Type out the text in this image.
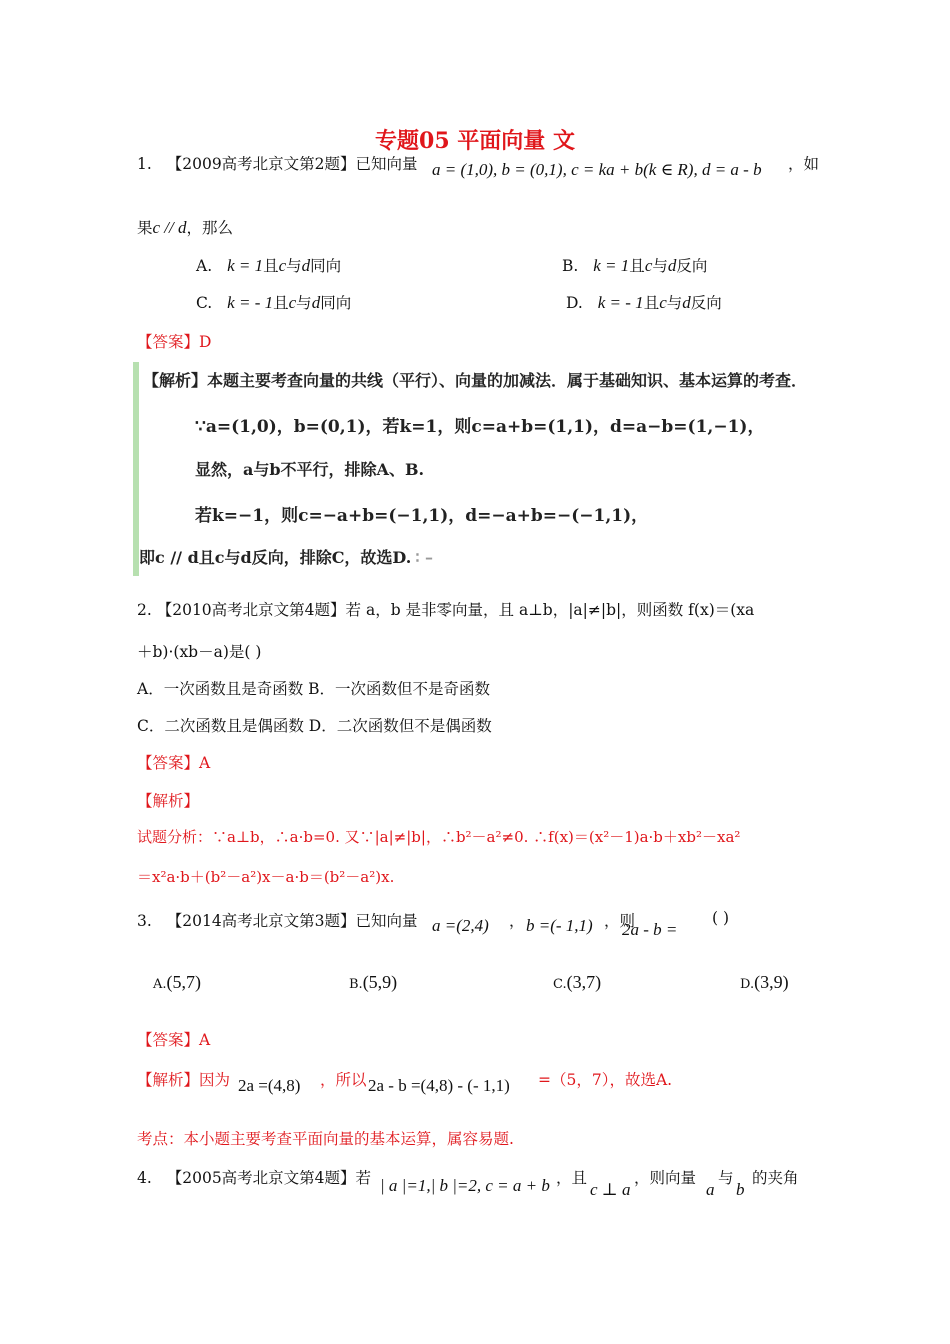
专题05 平面向量 文
1. 【2009高考北京文第2题】已知向量 a = (1,0), b = (0,1), c = ka + b(k ∈ R), d = a - b ，如
果c // d，那么
A. k = 1且c与d同向	B. k = 1且c与d反向
C. k = - 1且c与d同向	D. k = - 1且c与d反向
【答案】D
【解析】本题主要考查向量的共线（平行）、向量的加减法．属于基础知识、基本运算的考查．
∵a=(1,0)，b=(0,1)，若k=1，则c=a+b=(1,1)，d=a−b=(1,−1)，
显然，a与b不平行，排除A、B.
若k=−1，则c=−a+b=(−1,1)，d=−a+b=−(−1,1)，
即c // d且c与d反向，排除C，故选D. ∶ –
2. 【2010高考北京文第4题】若 a，b 是非零向量，且 a⊥b，|a|≠|b|，则函数 f(x)＝(xa
＋b)·(xb－a)是( )
A．一次函数且是奇函数 B．一次函数但不是奇函数
C．二次函数且是偶函数 D．二次函数但不是偶函数
【答案】A
【解析】
试题分析：∵a⊥b，∴a·b=0. 又∵|a|≠|b|，∴b²－a²≠0. ∴f(x)＝(x²－1)a·b＋xb²－xa²
＝x²a·b＋(b²－a²)x－a·b＝(b²－a²)x.
3. 【2014高考北京文第3题】已知向量 a =(2,4) ， b =(- 1,1) ，则
2a - b =
( )
A.(5,7)	B.(5,9)	C.(3,7)	D.(3,9)
【答案】A
【解析】因为 2a =(4,8) ，所以 2a - b =(4,8) - (- 1,1) =（5，7），故选A.
考点：本小题主要考查平面向量的基本运算，属容易题.
4. 【2005高考北京文第4题】若 | a |=1,| b |=2, c = a + b ，且
c ⊥ a
，则向量
a
与
b
的夹角
